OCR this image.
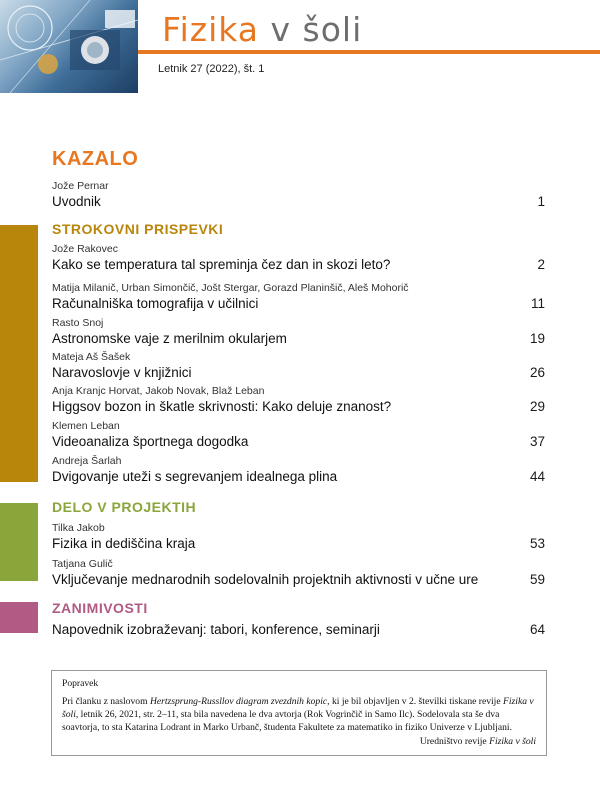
Fizika v šoli
Letnik 27 (2022), št. 1
KAZALO
Jože Pernar
Uvodnik	1
STROKOVNI PRISPEVKI
Jože Rakovec
Kako se temperatura tal spreminja čez dan in skozi leto?	2
Matija Milanič, Urban Simončič, Jošt Stergar, Gorazd Planinšič, Aleš Mohorič
Računalniška tomografija v učilnici	11
Rasto Snoj
Astronomske vaje z merilnim okularjem	19
Mateja Aš Šašek
Naravoslovje v knjižnici	26
Anja Kranjc Horvat, Jakob Novak, Blaž Leban
Higgsov bozon in škatle skrivnosti: Kako deluje znanost?	29
Klemen Leban
Videoanaliza športnega dogodka	37
Andreja Šarlah
Dvigovanje uteži s segrevanjem idealnega plina	44
DELO V PROJEKTIH
Tilka Jakob
Fizika in dediščina kraja	53
Tatjana Gulič
Vključevanje mednarodnih sodelovalnih projektnih aktivnosti v učne ure	59
ZANIMIVOSTI
Napovednik izobraževanj: tabori, konference, seminarji	64
Popravek
Pri članku z naslovom Hertzsprung-Russllov diagram zvezdnih kopic, ki je bil objavljen v 2. številki tiskane revije Fizika v šoli, letnik 26, 2021, str. 2–11, sta bila navedena le dva avtorja (Rok Vogrinčič in Samo Ilc). Sodelovala sta še dva soavtorja, to sta Katarina Lodrant in Marko Urbanč, študenta Fakultete za matematiko in fiziko Univerze v Ljubljani.
Uredništvo revije Fizika v šoli
